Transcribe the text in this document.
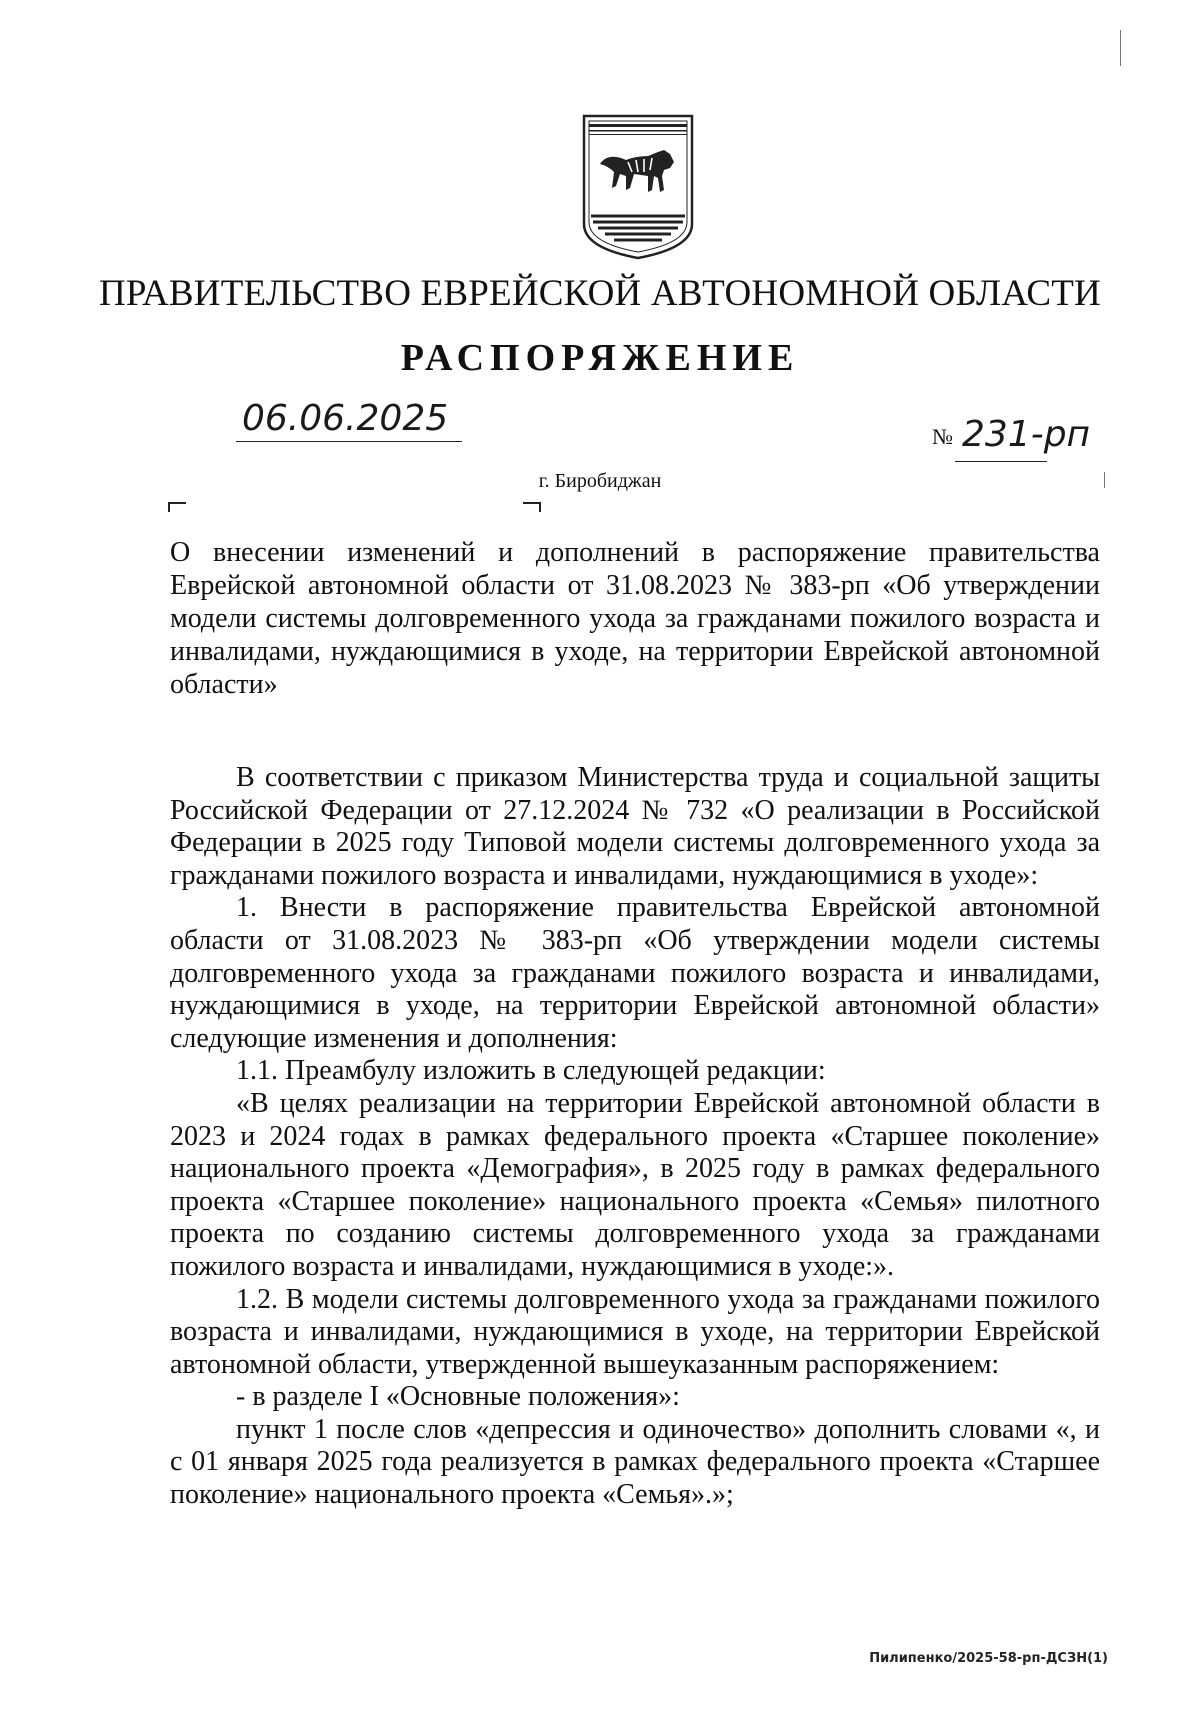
ПРАВИТЕЛЬСТВО ЕВРЕЙСКОЙ АВТОНОМНОЙ ОБЛАСТИ
РАСПОРЯЖЕНИЕ
06.06.2025	№ 231-рп
г. Биробиджан
О внесении изменений и дополнений в распоряжение правительства Еврейской автономной области от 31.08.2023 № 383-рп «Об утверждении модели системы долговременного ухода за гражданами пожилого возраста и инвалидами, нуждающимися в уходе, на территории Еврейской автономной области»

В соответствии с приказом Министерства труда и социальной защиты Российской Федерации от 27.12.2024 № 732 «О реализации в Российской Федерации в 2025 году Типовой модели системы долговременного ухода за гражданами пожилого возраста и инвалидами, нуждающимися в уходе»:

1. Внести в распоряжение правительства Еврейской автономной области от 31.08.2023 № 383-рп «Об утверждении модели системы долговременного ухода за гражданами пожилого возраста и инвалидами, нуждающимися в уходе, на территории Еврейской автономной области» следующие изменения и дополнения:

1.1. Преамбулу изложить в следующей редакции:

«В целях реализации на территории Еврейской автономной области в 2023 и 2024 годах в рамках федерального проекта «Старшее поколение» национального проекта «Демография», в 2025 году в рамках федерального проекта «Старшее поколение» национального проекта «Семья» пилотного проекта по созданию системы долговременного ухода за гражданами пожилого возраста и инвалидами, нуждающимися в уходе:».

1.2. В модели системы долговременного ухода за гражданами пожилого возраста и инвалидами, нуждающимися в уходе, на территории Еврейской автономной области, утвержденной вышеуказанным распоряжением:

- в разделе I «Основные положения»:

пункт 1 после слов «депрессия и одиночество» дополнить словами «, и с 01 января 2025 года реализуется в рамках федерального проекта «Старшее поколение» национального проекта «Семья».»;

Пилипенко/2025-58-рп-ДСЗН(1)
